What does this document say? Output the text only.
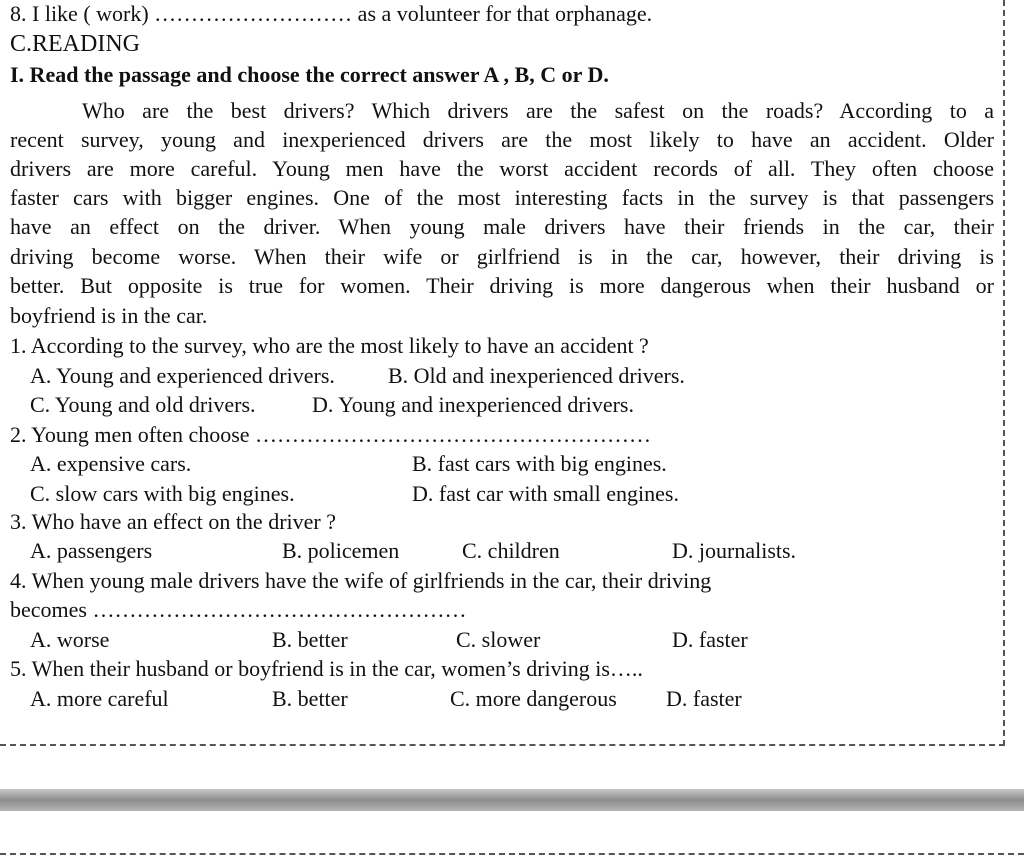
8. I like ( work) ……………………… as a volunteer for that orphanage.
C.READING
I. Read the passage and choose the correct answer A , B, C or D.
Who are the best drivers? Which drivers are the safest on the roads? According to a
recent survey, young and inexperienced drivers are the most likely to have an accident. Older
drivers are more careful. Young men have the worst accident records of all. They often choose
faster cars with bigger engines. One of the most interesting facts in the survey is that passengers
have an effect on the driver. When young male drivers have their friends in the car, their
driving become worse. When their wife or girlfriend is in the car, however, their driving is
better. But opposite is true for women. Their driving is more dangerous when their husband or
boyfriend is in the car.
1. According to the survey, who are the most likely to have an accident ?
A. Young and experienced drivers. B. Old and inexperienced drivers.
C. Young and old drivers.	D. Young and inexperienced drivers.
2. Young men often choose ………………………………………………
A. expensive cars.	B. fast cars with big engines.
C. slow cars with big engines.	D. fast car with small engines.
3. Who have an effect on the driver ?
A. passengers	B. policemen	C. children	D. journalists.
4. When young male drivers have the wife of girlfriends in the car, their driving
becomes ……………………………………………
A. worse	B. better	C. slower	D. faster
5. When their husband or boyfriend is in the car, women’s driving is…..
A. more careful	B. better	C. more dangerous D. faster
